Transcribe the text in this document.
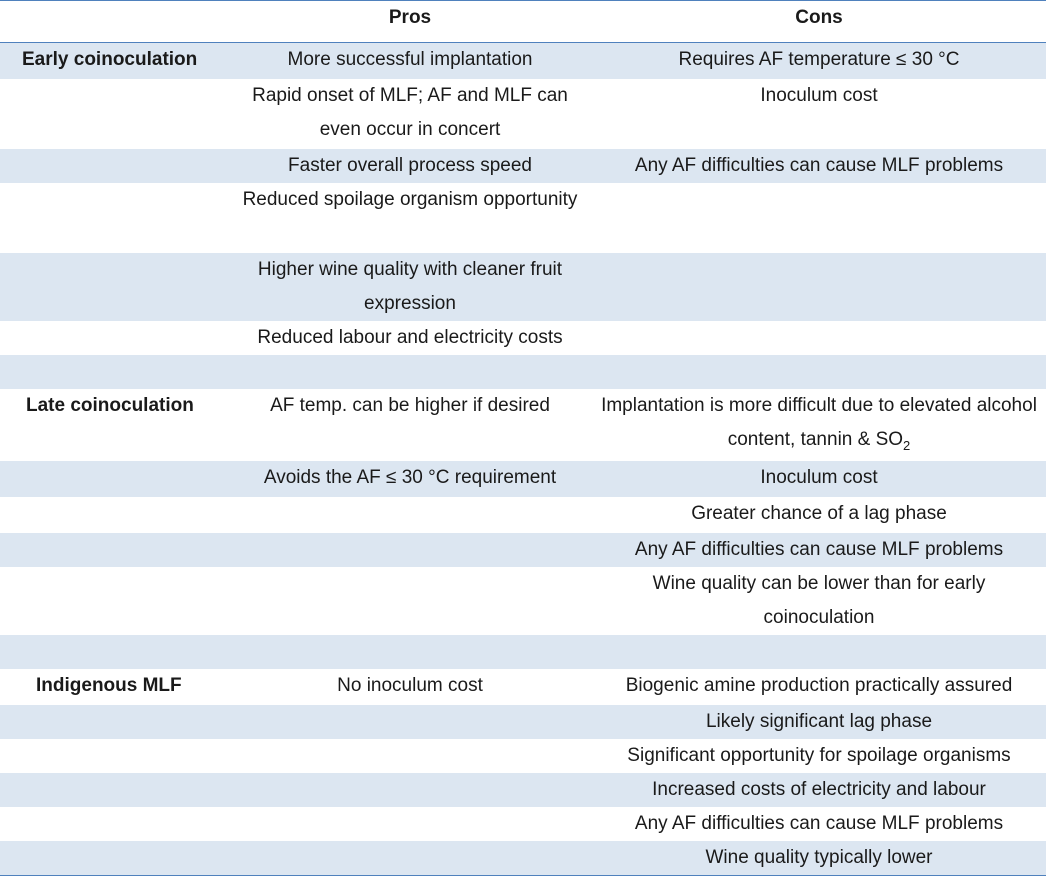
	Pros	Cons
Early coinoculation	More successful implantation	Requires AF temperature ≤ 30 °C
	Rapid onset of MLF; AF and MLF can even occur in concert	Inoculum cost
	Faster overall process speed	Any AF difficulties can cause MLF problems
	Reduced spoilage organism opportunity	
	Higher wine quality with cleaner fruit expression	
	Reduced labour and electricity costs	

Late coinoculation	AF temp. can be higher if desired	Implantation is more difficult due to elevated alcohol content, tannin & $SO_2$
	Avoids the AF ≤ 30 °C requirement	Inoculum cost
		Greater chance of a lag phase
		Any AF difficulties can cause MLF problems
		Wine quality can be lower than for early coinoculation

Indigenous MLF	No inoculum cost	Biogenic amine production practically assured
		Likely significant lag phase
		Significant opportunity for spoilage organisms
		Increased costs of electricity and labour
		Any AF difficulties can cause MLF problems
		Wine quality typically lower
